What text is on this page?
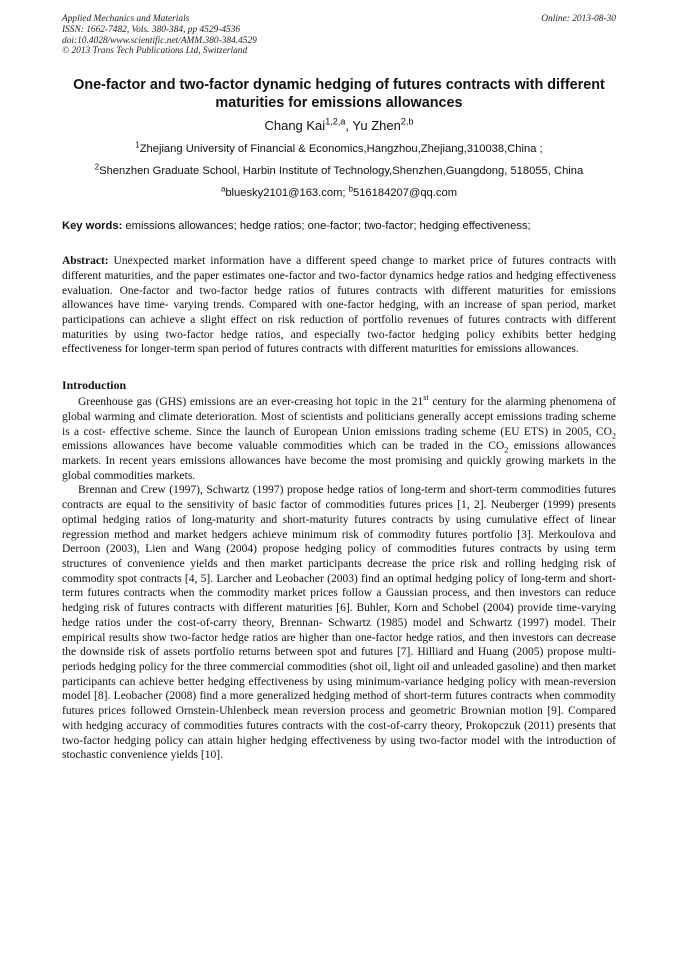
Applied Mechanics and Materials
ISSN: 1662-7482, Vols. 380-384, pp 4529-4536
doi:10.4028/www.scientific.net/AMM.380-384.4529
© 2013 Trans Tech Publications Ltd, Switzerland
Online: 2013-08-30
One-factor and two-factor dynamic hedging of futures contracts with different maturities for emissions allowances
Chang Kai$^{1,2,a}$, Yu Zhen$^{2,b}$
$^1$Zhejiang University of Financial & Economics,Hangzhou,Zhejiang,310038,China ;
$^2$Shenzhen Graduate School, Harbin Institute of Technology,Shenzhen,Guangdong, 518055, China
$^a$bluesky2101@163.com; $^b$516184207@qq.com
Key words: emissions allowances; hedge ratios; one-factor; two-factor; hedging effectiveness;
Abstract: Unexpected market information have a different speed change to market price of futures contracts with different maturities, and the paper estimates one-factor and two-factor dynamics hedge ratios and hedging effectiveness evaluation. One-factor and two-factor hedge ratios of futures contracts with different maturities for emissions allowances have time- varying trends. Compared with one-factor hedging, with an increase of span period, market participations can achieve a slight effect on risk reduction of portfolio revenues of futures contracts with different maturities by using two-factor hedge ratios, and especially two-factor hedging policy exhibits better hedging effectiveness for longer-term span period of futures contracts with different maturities for emissions allowances.
Introduction

Greenhouse gas (GHS) emissions are an ever-creasing hot topic in the 21st century for the alarming phenomena of global warming and climate deterioration. Most of scientists and politicians generally accept emissions trading scheme is a cost- effective scheme. Since the launch of European Union emissions trading scheme (EU ETS) in 2005, $CO_2$ emissions allowances have become valuable commodities which can be traded in the $CO_2$ emissions allowances markets. In recent years emissions allowances have become the most promising and quickly growing markets in the global commodities markets.

Brennan and Crew (1997), Schwartz (1997) propose hedge ratios of long-term and short-term commodities futures contracts are equal to the sensitivity of basic factor of commodities futures prices [1, 2]. Neuberger (1999) presents optimal hedging ratios of long-maturity and short-maturity futures contracts by using cumulative effect of linear regression method and market hedgers achieve minimum risk of commodity futures portfolio [3]. Merkoulova and Derroon (2003), Lien and Wang (2004) propose hedging policy of commodities futures contracts by using term structures of convenience yields and then market participants decrease the price risk and rolling hedging risk of commodity spot contracts [4, 5]. Larcher and Leobacher (2003) find an optimal hedging policy of long-term and short-term futures contracts when the commodity market prices follow a Gaussian process, and then investors can reduce hedging risk of futures contracts with different maturities [6]. Buhler, Korn and Schobel (2004) provide time-varying hedge ratios under the cost-of-carry theory, Brennan- Schwartz (1985) model and Schwartz (1997) model. Their empirical results show two-factor hedge ratios are higher than one-factor hedge ratios, and then investors can decrease the downside risk of assets portfolio returns between spot and futures [7]. Hilliard and Huang (2005) propose multi-periods hedging policy for the three commercial commodities (shot oil, light oil and unleaded gasoline) and then market participants can achieve better hedging effectiveness by using minimum-variance hedging policy with mean-reversion model [8]. Leobacher (2008) find a more generalized hedging method of short-term futures contracts when commodity futures prices followed Ornstein-Uhlenbeck mean reversion process and geometric Brownian motion [9]. Compared with hedging accuracy of commodities futures contracts with the cost-of-carry theory, Prokopczuk (2011) presents that two-factor hedging policy can attain higher hedging effectiveness by using two-factor model with the introduction of stochastic convenience yields [10].
